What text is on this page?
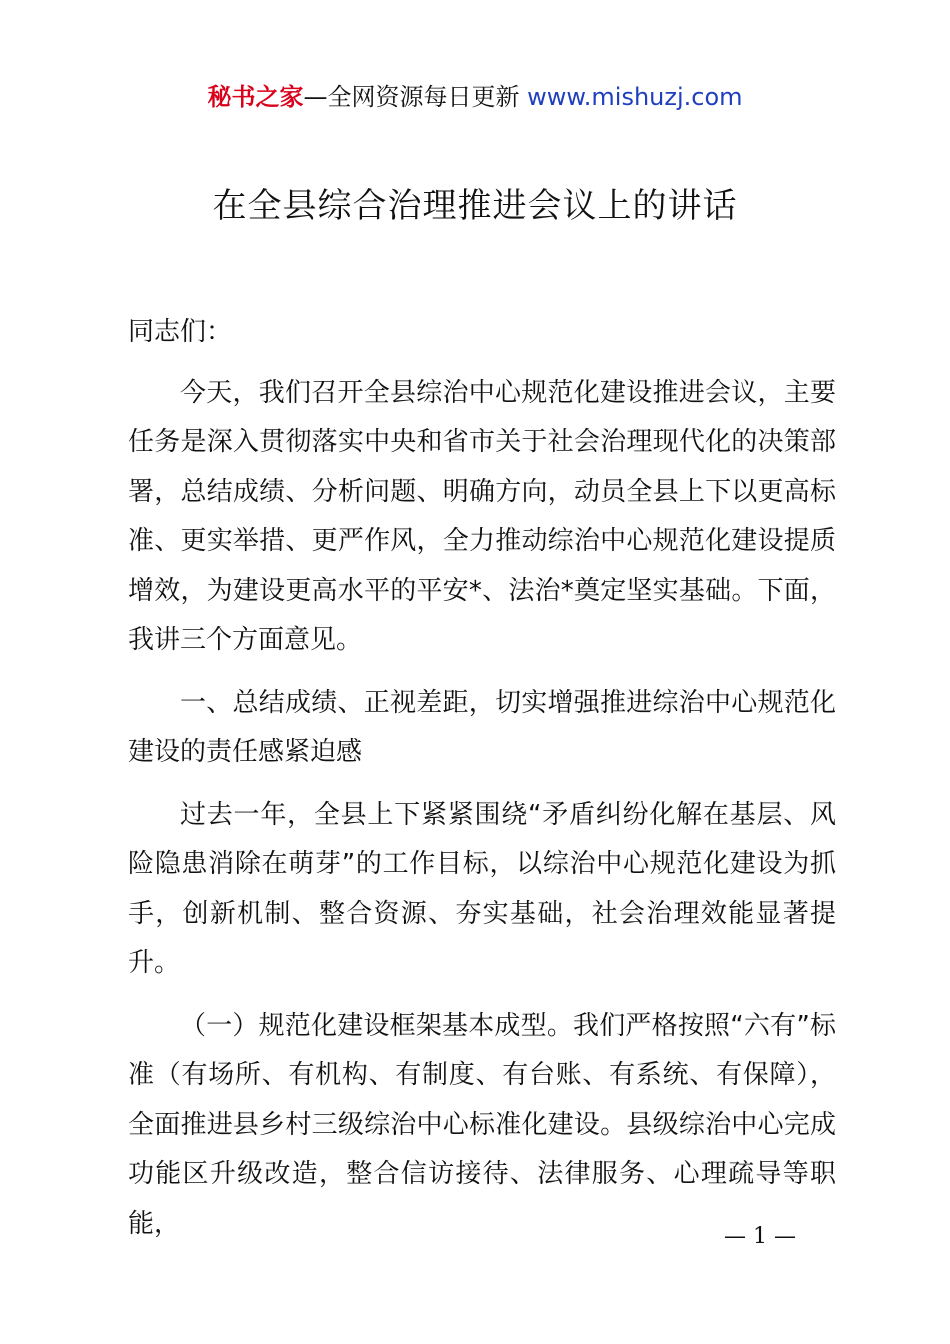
秘书之家—全网资源每日更新 www.mishuzj.com
在全县综合治理推进会议上的讲话

同志们：

今天，我们召开全县综治中心规范化建设推进会议，主要任务是深入贯彻落实中央和省市关于社会治理现代化的决策部署，总结成绩、分析问题、明确方向，动员全县上下以更高标准、更实举措、更严作风，全力推动综治中心规范化建设提质增效，为建设更高水平的平安*、法治*奠定坚实基础。下面，我讲三个方面意见。

一、总结成绩、正视差距，切实增强推进综治中心规范化建设的责任感紧迫感

过去一年，全县上下紧紧围绕“矛盾纠纷化解在基层、风险隐患消除在萌芽”的工作目标，以综治中心规范化建设为抓手，创新机制、整合资源、夯实基础，社会治理效能显著提升。

（一）规范化建设框架基本成型。我们严格按照“六有”标准（有场所、有机构、有制度、有台账、有系统、有保障），全面推进县乡村三级综治中心标准化建设。县级综治中心完成功能区升级改造，整合信访接待、法律服务、心理疏导等职能，	— 1 —
